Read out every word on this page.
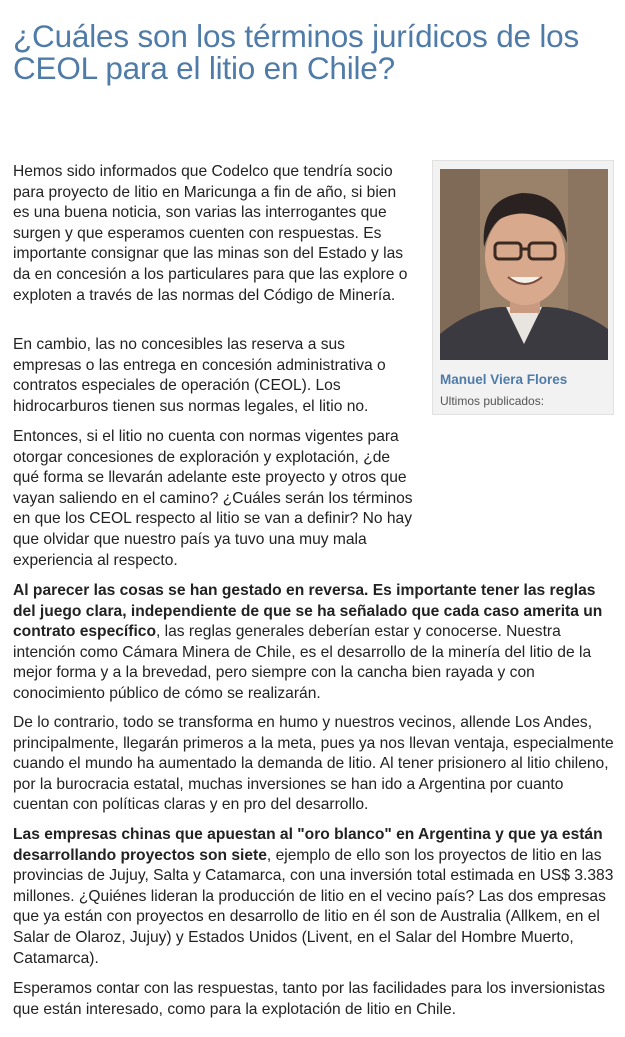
¿Cuáles son los términos jurídicos de los CEOL para el litio en Chile?
Manuel Viera Flores
Ultimos publicados:

Hemos sido informados que Codelco que tendría socio para proyecto de litio en Maricunga a fin de año, si bien es una buena noticia, son varias las interrogantes que surgen y que esperamos cuenten con respuestas. Es importante consignar que las minas son del Estado y las da en concesión a los particulares para que las explore o exploten a través de las normas del Código de Minería.

En cambio, las no concesibles las reserva a sus empresas o las entrega en concesión administrativa o contratos especiales de operación (CEOL). Los hidrocarburos tienen sus normas legales, el litio no.

Entonces, si el litio no cuenta con normas vigentes para otorgar concesiones de exploración y explotación, ¿de qué forma se llevarán adelante este proyecto y otros que vayan saliendo en el camino? ¿Cuáles serán los términos en que los CEOL respecto al litio se van a definir? No hay que olvidar que nuestro país ya tuvo una muy mala experiencia al respecto.

Al parecer las cosas se han gestado en reversa. Es importante tener las reglas del juego clara, independiente de que se ha señalado que cada caso amerita un contrato específico, las reglas generales deberían estar y conocerse. Nuestra intención como Cámara Minera de Chile, es el desarrollo de la minería del litio de la mejor forma y a la brevedad, pero siempre con la cancha bien rayada y con conocimiento público de cómo se realizarán.

De lo contrario, todo se transforma en humo y nuestros vecinos, allende Los Andes, principalmente, llegarán primeros a la meta, pues ya nos llevan ventaja, especialmente cuando el mundo ha aumentado la demanda de litio. Al tener prisionero al litio chileno, por la burocracia estatal, muchas inversiones se han ido a Argentina por cuanto cuentan con políticas claras y en pro del desarrollo.

Las empresas chinas que apuestan al "oro blanco" en Argentina y que ya están desarrollando proyectos son siete, ejemplo de ello son los proyectos de litio en las provincias de Jujuy, Salta y Catamarca, con una inversión total estimada en US$ 3.383 millones. ¿Quiénes lideran la producción de litio en el vecino país? Las dos empresas que ya están con proyectos en desarrollo de litio en él son de Australia (Allkem, en el Salar de Olaroz, Jujuy) y Estados Unidos (Livent, en el Salar del Hombre Muerto, Catamarca).

Esperamos contar con las respuestas, tanto por las facilidades para los inversionistas que están interesado, como para la explotación de litio en Chile.
